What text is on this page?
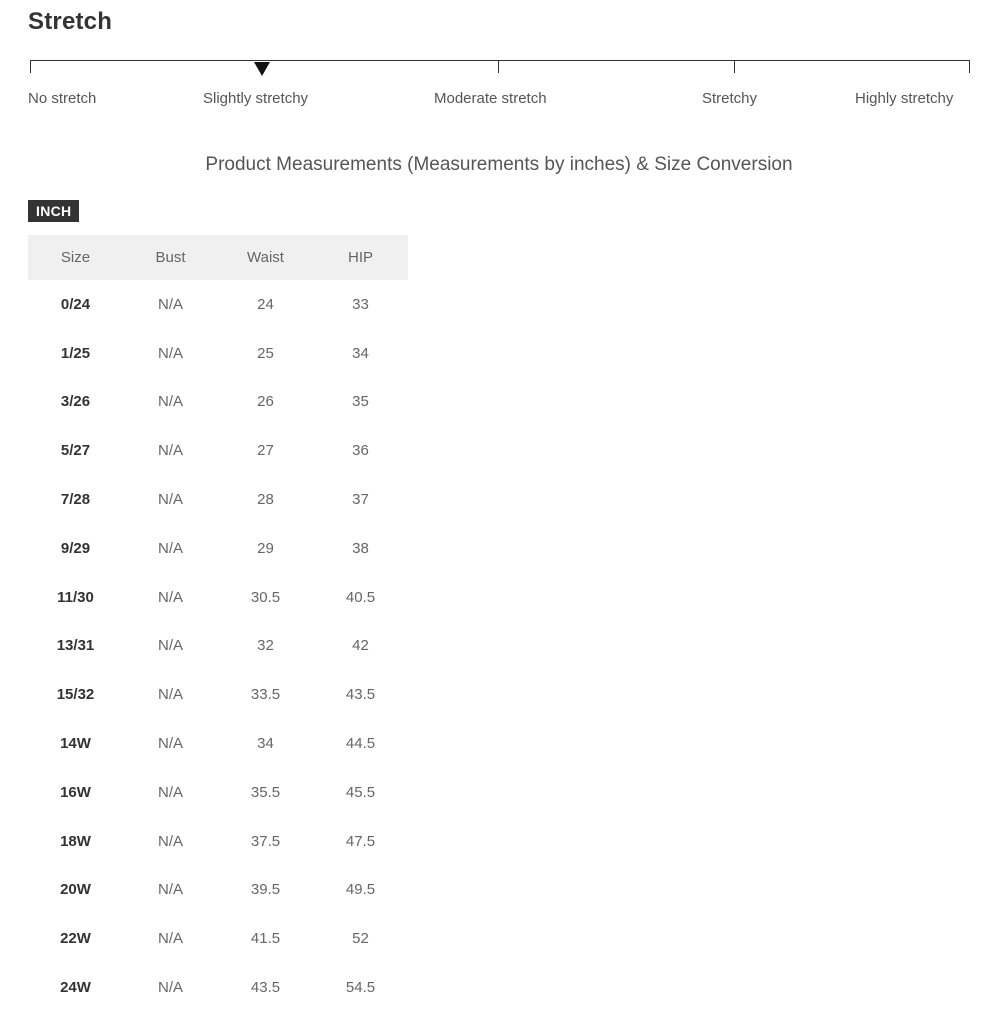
Stretch
No stretch	Slightly stretchy	Moderate stretch	Stretchy	Highly stretchy
Product Measurements (Measurements by inches) & Size Conversion
INCH
Size	Bust	Waist	HIP
0/24	N/A	24	33
1/25	N/A	25	34
3/26	N/A	26	35
5/27	N/A	27	36
7/28	N/A	28	37
9/29	N/A	29	38
11/30	N/A	30.5	40.5
13/31	N/A	32	42
15/32	N/A	33.5	43.5
14W	N/A	34	44.5
16W	N/A	35.5	45.5
18W	N/A	37.5	47.5
20W	N/A	39.5	49.5
22W	N/A	41.5	52
24W	N/A	43.5	54.5
